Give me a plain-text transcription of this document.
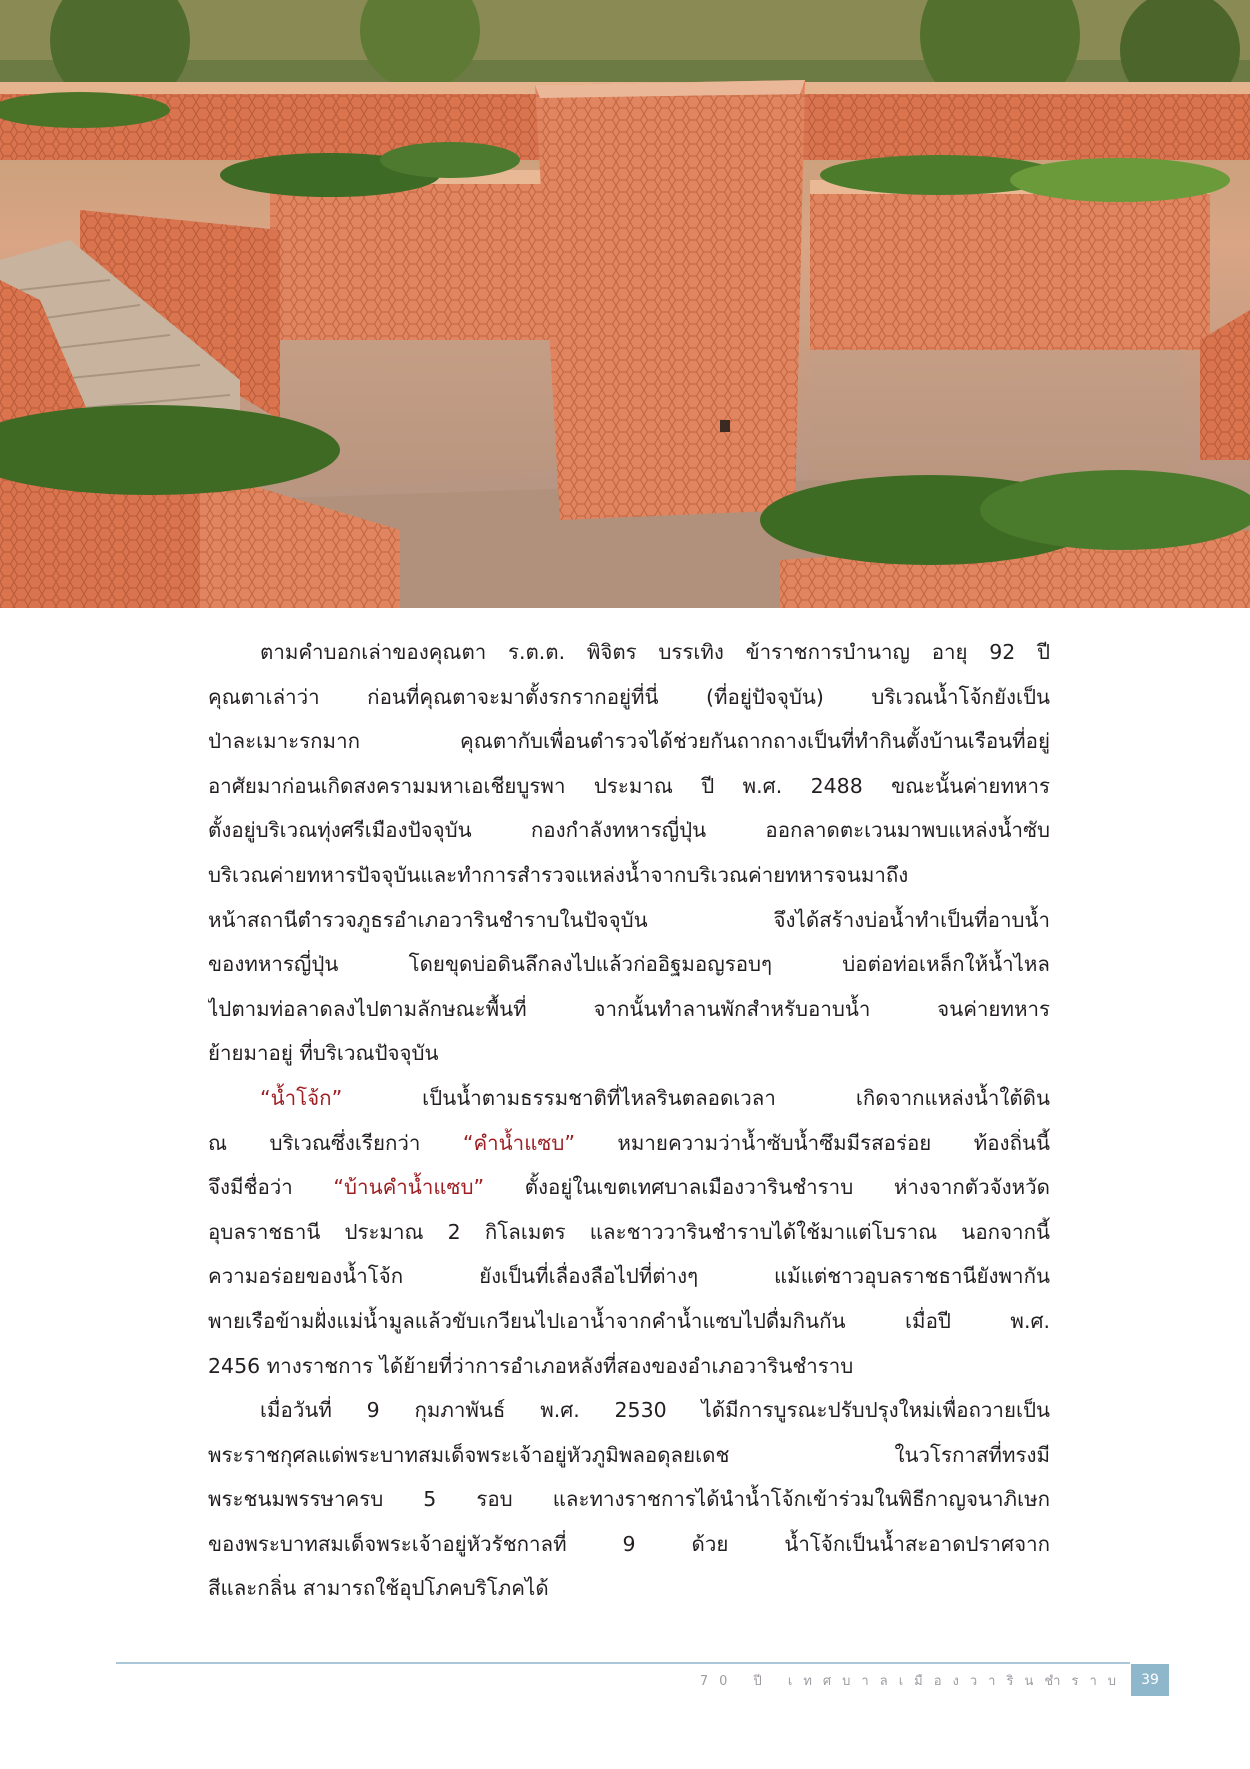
ตามคำบอกเล่าของคุณตา ร.ต.ต. พิจิตร บรรเทิง ข้าราชการบำนาญ อายุ 92 ปี

คุณตาเล่าว่า ก่อนที่คุณตาจะมาตั้งรกรากอยู่ที่นี่ (ที่อยู่ปัจจุบัน) บริเวณน้ำโจ้กยังเป็น

ป่าละเมาะรกมาก คุณตากับเพื่อนตำรวจได้ช่วยกันถากถางเป็นที่ทำกินตั้งบ้านเรือนที่อยู่

อาศัยมาก่อนเกิดสงครามมหาเอเชียบูรพา ประมาณ ปี พ.ศ. 2488 ขณะนั้นค่ายทหาร

ตั้งอยู่บริเวณทุ่งศรีเมืองปัจจุบัน กองกำลังทหารญี่ปุ่น ออกลาดตะเวนมาพบแหล่งน้ำซับ

บริเวณค่ายทหารปัจจุบันและทำการสำรวจแหล่งน้ำจากบริเวณค่ายทหารจนมาถึง

หน้าสถานีตำรวจภูธรอำเภอวารินชำราบในปัจจุบัน จึงได้สร้างบ่อน้ำทำเป็นที่อาบน้ำ

ของทหารญี่ปุ่น โดยขุดบ่อดินลึกลงไปแล้วก่ออิฐมอญรอบๆ บ่อต่อท่อเหล็กให้น้ำไหล

ไปตามท่อลาดลงไปตามลักษณะพื้นที่ จากนั้นทำลานพักสำหรับอาบน้ำ จนค่ายทหาร

ย้ายมาอยู่ ที่บริเวณปัจจุบัน

“น้ำโจ้ก” เป็นน้ำตามธรรมชาติที่ไหลรินตลอดเวลา เกิดจากแหล่งน้ำใต้ดิน

ณ บริเวณซึ่งเรียกว่า “คำน้ำแซบ” หมายความว่าน้ำซับน้ำซึมมีรสอร่อย ท้องถิ่นนี้

จึงมีชื่อว่า “บ้านคำน้ำแซบ” ตั้งอยู่ในเขตเทศบาลเมืองวารินชำราบ ห่างจากตัวจังหวัด

อุบลราชธานี ประมาณ 2 กิโลเมตร และชาววารินชำราบได้ใช้มาแต่โบราณ นอกจากนี้

ความอร่อยของน้ำโจ้ก ยังเป็นที่เลื่องลือไปที่ต่างๆ แม้แต่ชาวอุบลราชธานียังพากัน

พายเรือข้ามฝั่งแม่น้ำมูลแล้วขับเกวียนไปเอาน้ำจากคำน้ำแซบไปดื่มกินกัน เมื่อปี พ.ศ.

2456 ทางราชการ ได้ย้ายที่ว่าการอำเภอหลังที่สองของอำเภอวารินชำราบ

เมื่อวันที่ 9 กุมภาพันธ์ พ.ศ. 2530 ได้มีการบูรณะปรับปรุงใหม่เพื่อถวายเป็น

พระราชกุศลแด่พระบาทสมเด็จพระเจ้าอยู่หัวภูมิพลอดุลยเดช ในวโรกาสที่ทรงมี

พระชนมพรรษาครบ 5 รอบ และทางราชการได้นำน้ำโจ้กเข้าร่วมในพิธีกาญจนาภิเษก

ของพระบาทสมเด็จพระเจ้าอยู่หัวรัชกาลที่ 9 ด้วย น้ำโจ้กเป็นน้ำสะอาดปราศจาก

สีและกลิ่น สามารถใช้อุปโภคบริโภคได้

70 ปี เทศบาลเมืองวารินชำราบ	39
